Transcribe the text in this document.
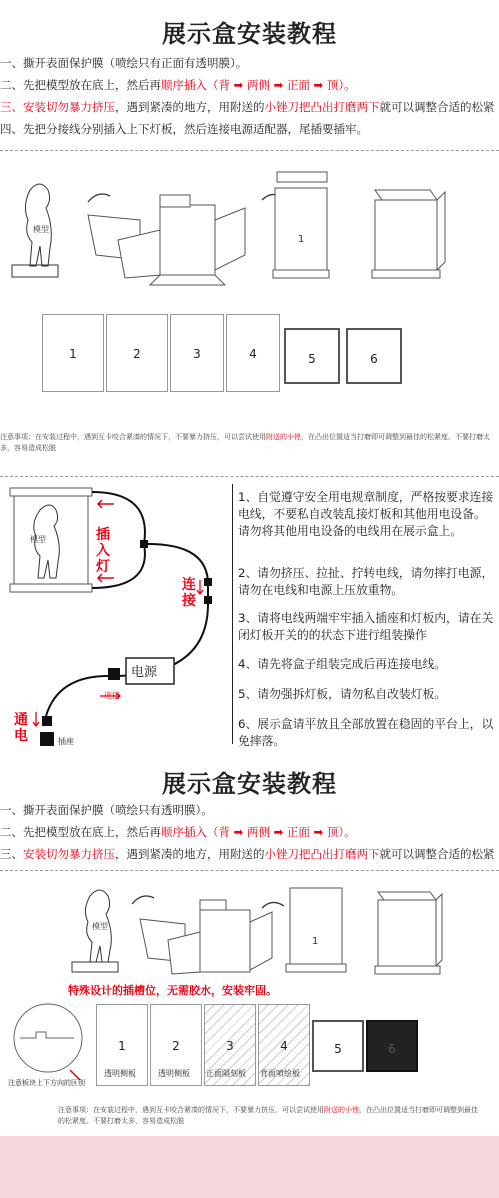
展示盒安装教程
一、撕开表面保护膜（喷绘只有正面有透明膜）。
二、先把模型放在底上，然后再顺序插入（背 ➡ 两侧 ➡ 正面 ➡ 顶）。
三、安装切勿暴力挤压，遇到紧凑的地方，用附送的小锉刀把凸出打磨两下就可以调整合适的松紧
四、先把分接线分别插入上下灯板，然后连接电源适配器，尾插要插牢。
模型
1
1	2	3	4	5	6
注意事项：在安装过程中，遇到互卡咬合紧凑的情况下，不要暴力挤压，可以尝试使用附送的小锉，在凸出位置适当打磨即可调整到最佳的松紧度。不要打磨太多，容易造成松脱
模型	插入灯
连接
电源
连接
通电	插座
1、自觉遵守安全用电规章制度，严格按要求连接电线，不要私自改装乱接灯板和其他用电设备。请勿将其他用电设备的电线用在展示盒上。
2、请勿挤压、拉扯、拧转电线，请勿摔打电源，请勿在电线和电源上压放重物。
3、请将电线两端牢牢插入插座和灯板内，请在关闭灯板开关的的状态下进行组装操作
4、请先将盒子组装完成后再连接电线。
5、请勿强拆灯板，请勿私自改装灯板。
6、展示盒请平放且全部放置在稳固的平台上，以免摔落。
展示盒安装教程
一、撕开表面保护膜（喷绘只有透明膜）。
二、先把模型放在底上，然后再顺序插入（背 ➡ 两侧 ➡ 正面 ➡ 顶）。
三、安装切勿暴力挤压，遇到紧凑的地方，用附送的小锉刀把凸出打磨两下就可以调整合适的松紧
模型
1
特殊设计的插槽位，无需胶水，安装牢固。
注意板块上下方向的区别
1	2	3	4	5	6
透明侧板	透明侧板 正面隔刻板 背面喷绘板
注意事项：在安装过程中，遇到互卡咬合紧凑的情况下，不要暴力挤压，可以尝试使用附送的小锉，在凸出位置适当打磨即可调整到最佳的松紧度。不要打磨太多，容易造成松脱
